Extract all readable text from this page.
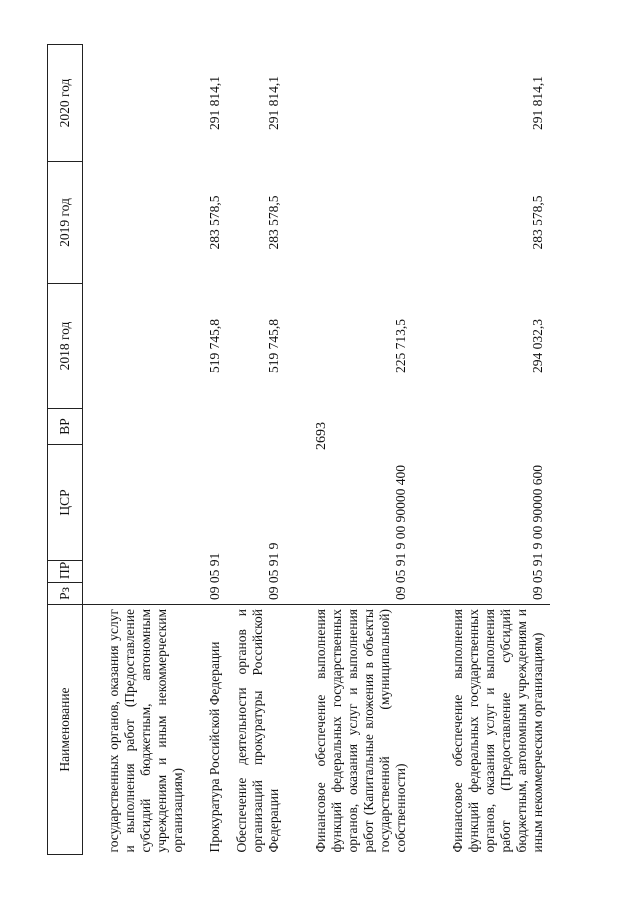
2693
Наименование	Рз	ПР	ЦСР	ВР	2018 год	2019 год	2020 год
государственных органов, оказания услуг и выполнения работ (Предоставление субсидий бюджетным, автономным учреждениям и иным некоммерческим организациям)							
Прокуратура Российской Федерации	09 05 91				519 745,8	283 578,5	291 814,1
Обеспечение деятельности органов и организаций прокуратуры Российской Федерации	09 05 91 9				519 745,8	283 578,5	291 814,1
Финансовое обеспечение выполнения функций федеральных государственных органов, оказания услуг и выполнения работ (Капитальные вложения в объекты государственной (муниципальной) собственности)	09 05 91 9 00 90000 400				225 713,5		
Финансовое обеспечение выполнения функций федеральных государственных органов, оказания услуг и выполнения работ (Предоставление субсидий бюджетным, автономным учреждениям и иным некоммерческим организациям)	09 05 91 9 00 90000 600				294 032,3	283 578,5	291 814,1
